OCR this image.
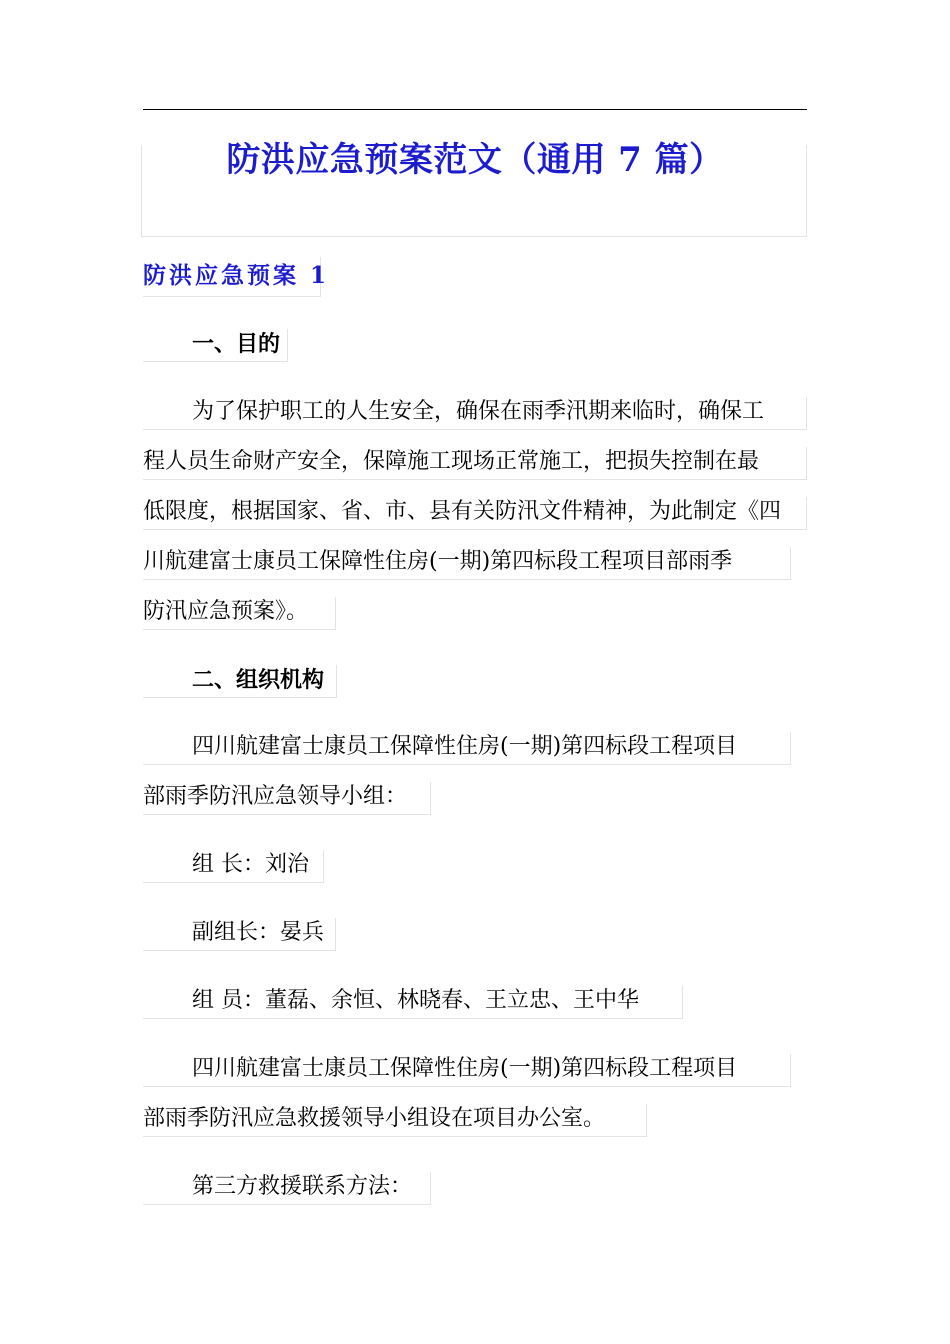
防洪应急预案范文（通用 7 篇）
防洪应急预案 1
一、目的
为了保护职工的人生安全，确保在雨季汛期来临时，确保工
程人员生命财产安全，保障施工现场正常施工，把损失控制在最
低限度，根据国家、省、市、县有关防汛文件精神，为此制定《四
川航建富士康员工保障性住房(一期)第四标段工程项目部雨季
防汛应急预案》。
二、组织机构
四川航建富士康员工保障性住房(一期)第四标段工程项目
部雨季防汛应急领导小组：
组 长：刘治
副组长：晏兵
组 员：董磊、余恒、林晓春、王立忠、王中华
四川航建富士康员工保障性住房(一期)第四标段工程项目
部雨季防汛应急救援领导小组设在项目办公室。
第三方救援联系方法：
